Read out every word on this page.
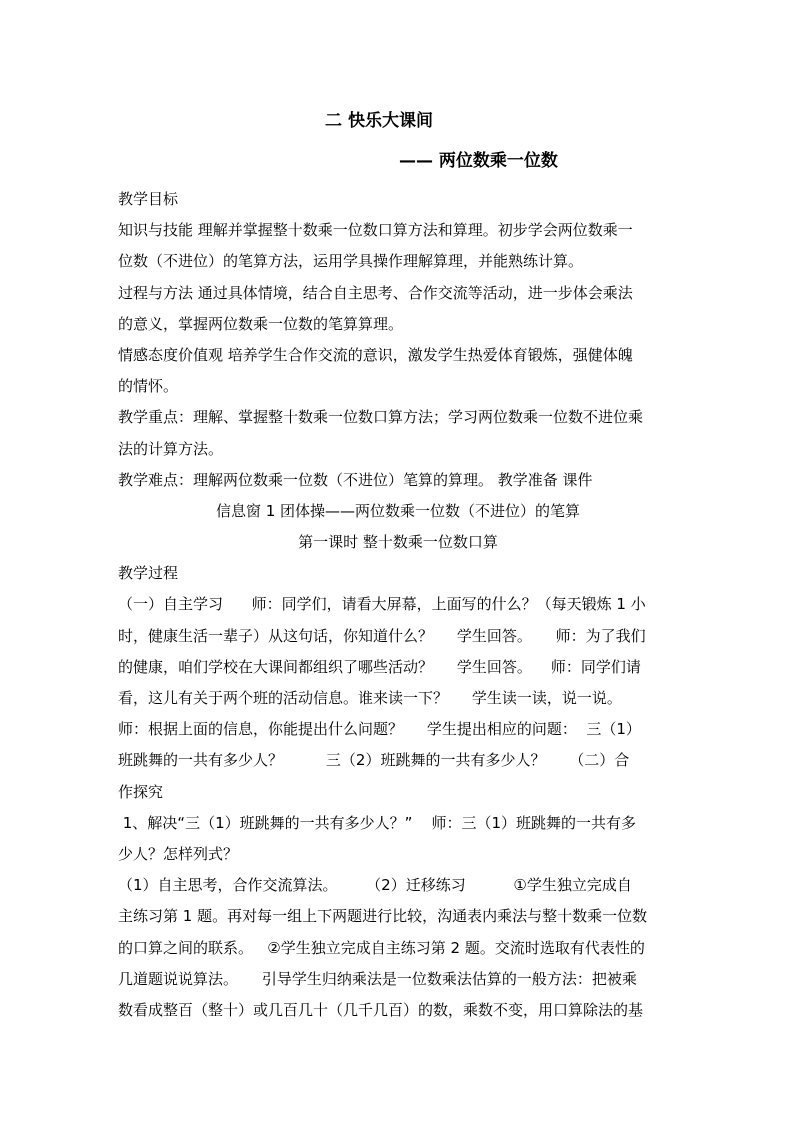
二 快乐大课间
—— 两位数乘一位数
教学目标
知识与技能 理解并掌握整十数乘一位数口算方法和算理。初步学会两位数乘一
位数（不进位）的笔算方法，运用学具操作理解算理，并能熟练计算。
过程与方法 通过具体情境，结合自主思考、合作交流等活动，进一步体会乘法
的意义，掌握两位数乘一位数的笔算算理。
情感态度价值观 培养学生合作交流的意识，激发学生热爱体育锻炼，强健体魄
的情怀。
教学重点：理解、掌握整十数乘一位数口算方法；学习两位数乘一位数不进位乘
法的计算方法。
教学难点：理解两位数乘一位数（不进位）笔算的算理。 教学准备 课件
信息窗 1 团体操——两位数乘一位数（不进位）的笔算
第一课时 整十数乘一位数口算
教学过程
（一）自主学习      师：同学们，请看大屏幕，上面写的什么？（每天锻炼 1 小
时，健康生活一辈子）从这句话，你知道什么？     学生回答。     师：为了我们
的健康，咱们学校在大课间都组织了哪些活动？     学生回答。    师：同学们请
看，这儿有关于两个班的活动信息。谁来读一下？     学生读一读，说一说。
师：根据上面的信息，你能提出什么问题？     学生提出相应的问题：  三（1）
班跳舞的一共有多少人？         三（2）班跳舞的一共有多少人？     （二）合
作探究
1、解决“三（1）班跳舞的一共有多少人？”    师：三（1）班跳舞的一共有多
少人？怎样列式？
（1）自主思考，合作交流算法。      （2）迁移练习          ①学生独立完成自
主练习第 1 题。再对每一组上下两题进行比较，沟通表内乘法与整十数乘一位数
的口算之间的联系。   ②学生独立完成自主练习第 2 题。交流时选取有代表性的
几道题说说算法。     引导学生归纳乘法是一位数乘法估算的一般方法：把被乘
数看成整百（整十）或几百几十（几千几百）的数，乘数不变，用口算除法的基
